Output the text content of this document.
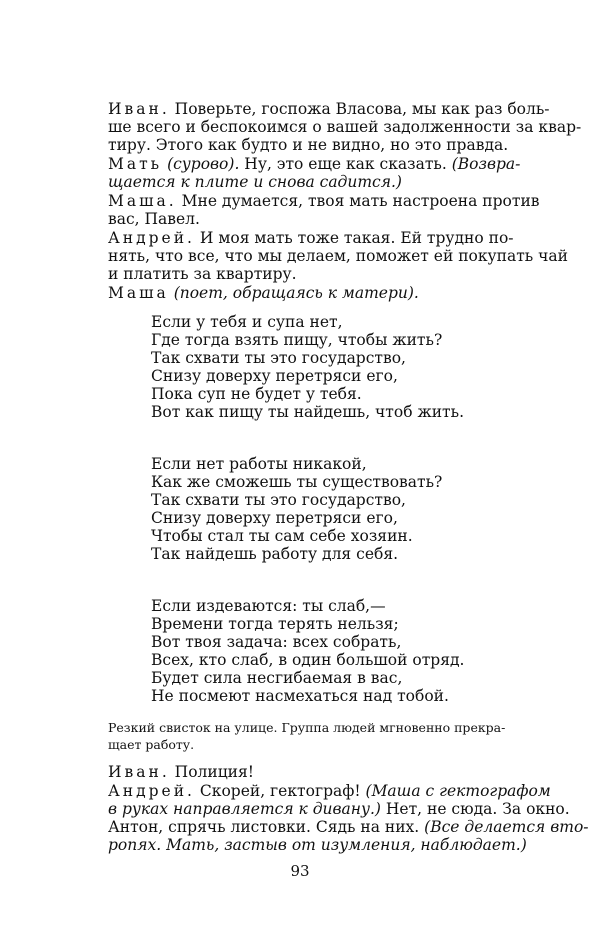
Иван. Поверьте, госпожа Власова, мы как раз боль-
ше всего и беспокоимся о вашей задолженности за квар-
тиру. Этого как будто и не видно, но это правда.
Мать (сурово). Ну, это еще как сказать. (Возвра-
щается к плите и снова садится.)
Маша. Мне думается, твоя мать настроена против
вас, Павел.
Андрей. И моя мать тоже такая. Ей трудно по-
нять, что все, что мы делаем, поможет ей покупать чай
и платить за квартиру.
Маша (поет, обращаясь к матери).
Если у тебя и супа нет,
Где тогда взять пищу, чтобы жить?
Так схвати ты это государство,
Снизу доверху перетряси его,
Пока суп не будет у тебя.
Вот как пищу ты найдешь, чтоб жить.
Если нет работы никакой,
Как же сможешь ты существовать?
Так схвати ты это государство,
Снизу доверху перетряси его,
Чтобы стал ты сам себе хозяин.
Так найдешь работу для себя.
Если издеваются: ты слаб,—
Времени тогда терять нельзя;
Вот твоя задача: всех собрать,
Всех, кто слаб, в один большой отряд.
Будет сила несгибаемая в вас,
Не посмеют насмехаться над тобой.
Резкий свисток на улице. Группа людей мгновенно прекра-
щает работу.
Иван. Полиция!
Андрей. Скорей, гектограф! (Маша с гектографом
в руках направляется к дивану.) Нет, не сюда. За окно.
Антон, спрячь листовки. Сядь на них. (Все делается вто-
ропях. Мать, застыв от изумления, наблюдает.)
93
